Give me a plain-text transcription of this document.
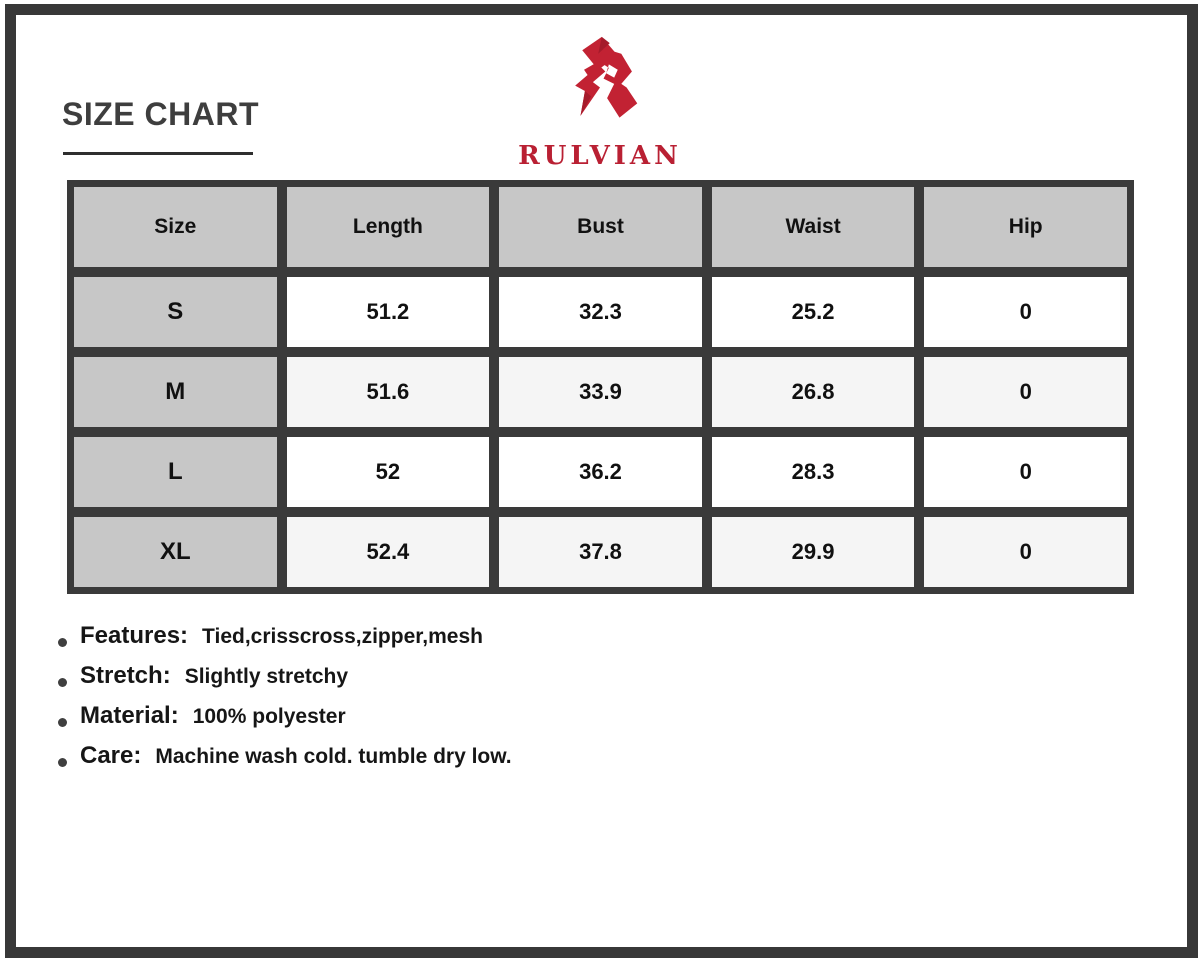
SIZE CHART
RULVIAN
Size	Length	Bust	Waist	Hip
S	51.2	32.3	25.2	0
M	51.6	33.9	26.8	0
L	52	36.2	28.3	0
XL	52.4	37.8	29.9	0
Features: Tied,crisscross,zipper,mesh
Stretch: Slightly stretchy
Material: 100% polyester
Care: Machine wash cold. tumble dry low.
